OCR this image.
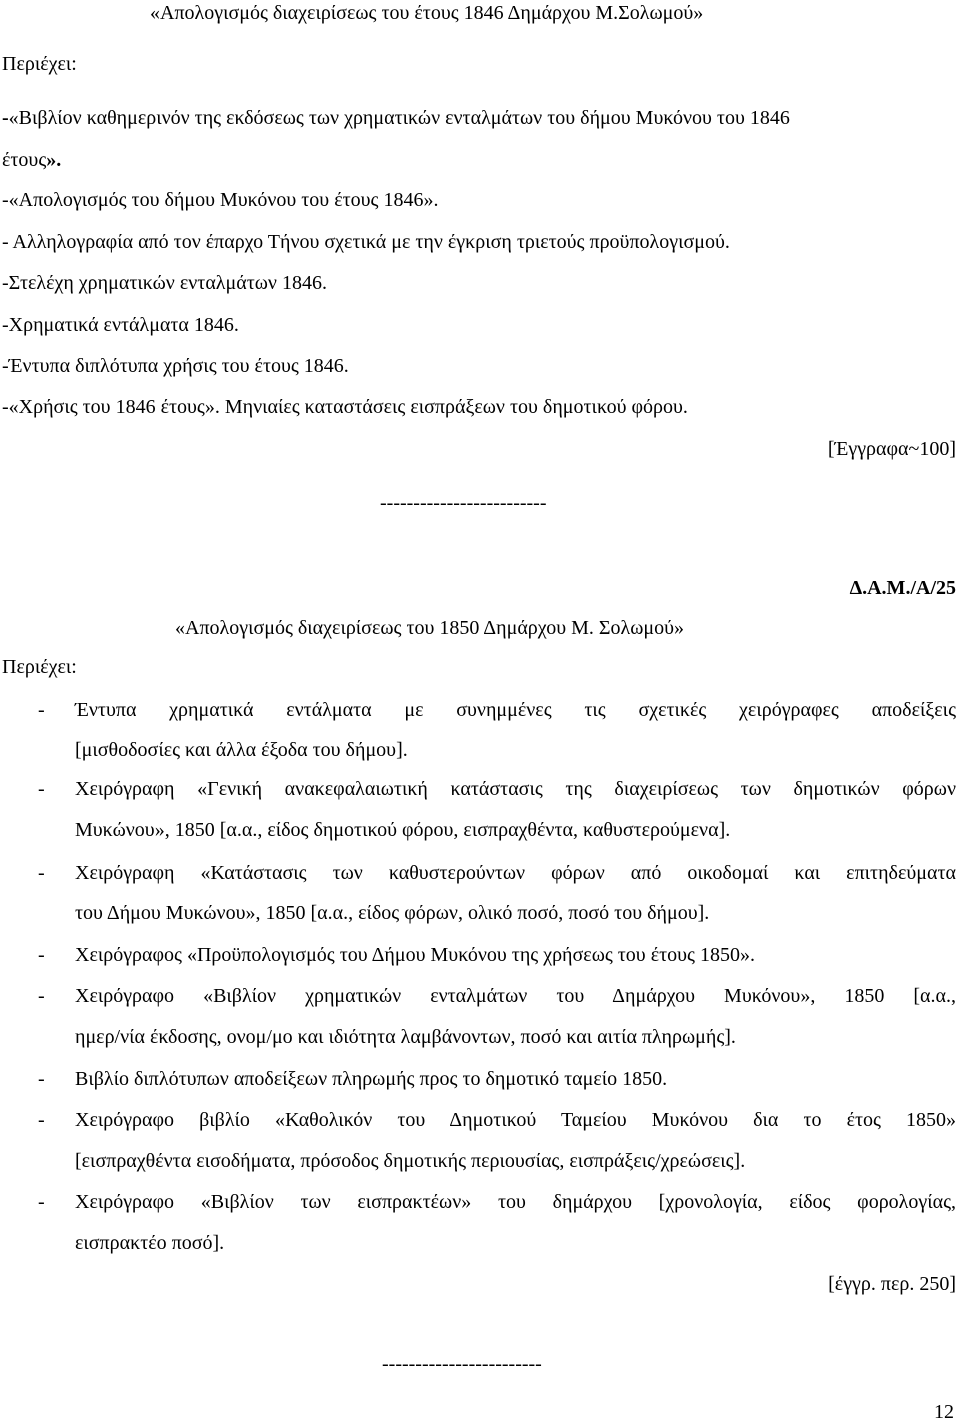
«Απολογισμός διαχειρίσεως του έτους 1846 Δημάρχου Μ.Σολωμού»
Περιέχει:
-«Βιβλίον καθημερινόν της εκδόσεως των χρηματικών ενταλμάτων του δήμου Μυκόνου του 1846
έτους».
-«Απολογισμός του δήμου Μυκόνου του έτους 1846».
- Αλληλογραφία από τον έπαρχο Τήνου σχετικά με την έγκριση τριετούς προϋπολογισμού.
-Στελέχη χρηματικών ενταλμάτων 1846.
-Χρηματικά εντάλματα 1846.
-Έντυπα διπλότυπα χρήσις του έτους 1846.
-«Χρήσις του 1846 έτους». Μηνιαίες καταστάσεις εισπράξεων του δημοτικού φόρου.
[Έγγραφα~100]
-------------------------
Δ.Α.Μ./Α/25
«Απολογισμός διαχειρίσεως του 1850 Δημάρχου Μ. Σολωμού»
Περιέχει:
- Έντυπα χρηματικά εντάλματα με συνημμένες τις σχετικές χειρόγραφες αποδείξεις
[μισθοδοσίες και άλλα έξοδα του δήμου].
- Χειρόγραφη «Γενική ανακεφαλαιωτική κατάστασις της διαχειρίσεως των δημοτικών φόρων
Μυκώνου», 1850 [α.α., είδος δημοτικού φόρου, εισπραχθέντα, καθυστερούμενα].
- Χειρόγραφη «Κατάστασις των καθυστερούντων φόρων από οικοδομαί και επιτηδεύματα
του Δήμου Μυκώνου», 1850 [α.α., είδος φόρων, ολικό ποσό, ποσό του δήμου].
- Χειρόγραφος «Προϋπολογισμός του Δήμου Μυκόνου της χρήσεως του έτους 1850».
- Χειρόγραφο «Βιβλίον χρηματικών ενταλμάτων του Δημάρχου Μυκόνου», 1850 [α.α.,
ημερ/νία έκδοσης, ονομ/μο και ιδιότητα λαμβάνοντων, ποσό και αιτία πληρωμής].
- Βιβλίο διπλότυπων αποδείξεων πληρωμής προς το δημοτικό ταμείο 1850.
- Χειρόγραφο βιβλίο «Καθολικόν του Δημοτικού Ταμείου Μυκόνου δια το έτος 1850»
[εισπραχθέντα εισοδήματα, πρόσοδος δημοτικής περιουσίας, εισπράξεις/χρεώσεις].
- Χειρόγραφο «Βιβλίον των εισπρακτέων» του δημάρχου [χρονολογία, είδος φορολογίας,
εισπρακτέο ποσό].
[έγγρ. περ. 250]
------------------------
12
